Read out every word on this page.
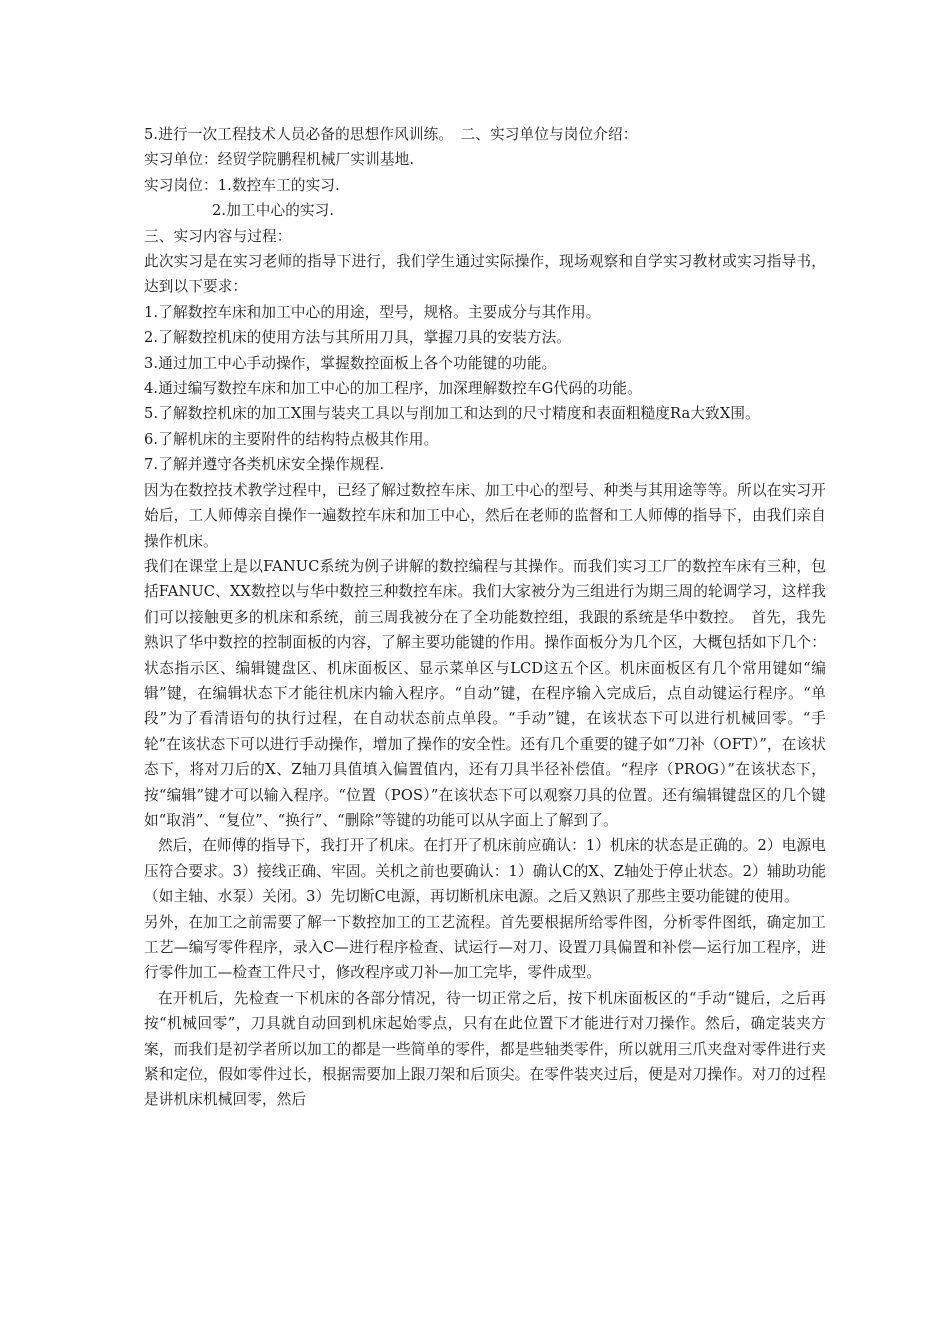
5.进行一次工程技术人员必备的思想作风训练。　二、实习单位与岗位介绍：

实习单位：经贸学院鹏程机械厂实训基地.

实习岗位：1.数控车工的实习.

2.加工中心的实习.

三、实习内容与过程：

此次实习是在实习老师的指导下进行，我们学生通过实际操作，现场观察和自学实习教材或实习指导书，达到以下要求：

1.了解数控车床和加工中心的用途，型号，规格。主要成分与其作用。

2.了解数控机床的使用方法与其所用刀具，掌握刀具的安装方法。

3.通过加工中心手动操作，掌握数控面板上各个功能键的功能。

4.通过编写数控车床和加工中心的加工程序，加深理解数控车G代码的功能。

5.了解数控机床的加工X围与装夹工具以与削加工和达到的尺寸精度和表面粗糙度Ra大致X围。

6.了解机床的主要附件的结构特点极其作用。

7.了解并遵守各类机床安全操作规程.

因为在数控技术教学过程中，已经了解过数控车床、加工中心的型号、种类与其用途等等。所以在实习开始后，工人师傅亲自操作一遍数控车床和加工中心，然后在老师的监督和工人师傅的指导下，由我们亲自操作机床。

我们在课堂上是以FANUC系统为例子讲解的数控编程与其操作。而我们实习工厂的数控车床有三种，包括FANUC、XX数控以与华中数控三种数控车床。我们大家被分为三组进行为期三周的轮调学习，这样我们可以接触更多的机床和系统，前三周我被分在了全功能数控组，我跟的系统是华中数控。　首先，我先熟识了华中数控的控制面板的内容，了解主要功能键的作用。操作面板分为几个区，大概包括如下几个：状态指示区、编辑键盘区、机床面板区、显示菜单区与LCD这五个区。机床面板区有几个常用键如“编辑”键，在编辑状态下才能往机床内输入程序。“自动”键，在程序输入完成后，点自动键运行程序。“单段”为了看清语句的执行过程，在自动状态前点单段。“手动”键，在该状态下可以进行机械回零。“手轮”在该状态下可以进行手动操作，增加了操作的安全性。还有几个重要的键子如“刀补（OFT）”，在该状态下，将对刀后的X、Z轴刀具值填入偏置值内，还有刀具半径补偿值。“程序（PROG）”在该状态下，按“编辑”键才可以输入程序。“位置（POS）”在该状态下可以观察刀具的位置。还有编辑键盘区的几个键如“取消”、“复位”、“换行”、“删除”等键的功能可以从字面上了解到了。

然后，在师傅的指导下，我打开了机床。在打开了机床前应确认：1）机床的状态是正确的。2）电源电压符合要求。3）接线正确、牢固。关机之前也要确认：1）确认C的X、Z轴处于停止状态。2）辅助功能（如主轴、水泵）关闭。3）先切断C电源，再切断机床电源。之后又熟识了那些主要功能键的使用。

另外，在加工之前需要了解一下数控加工的工艺流程。首先要根据所给零件图，分析零件图纸，确定加工工艺—编写零件程序，录入C—进行程序检查、试运行—对刀、设置刀具偏置和补偿—运行加工程序，进行零件加工—检查工件尺寸，修改程序或刀补—加工完毕，零件成型。

在开机后，先检查一下机床的各部分情况，待一切正常之后，按下机床面板区的“手动“键后，之后再按“机械回零”，刀具就自动回到机床起始零点，只有在此位置下才能进行对刀操作。然后，确定装夹方案，而我们是初学者所以加工的都是一些简单的零件，都是些轴类零件，所以就用三爪夹盘对零件进行夹紧和定位，假如零件过长，根据需要加上跟刀架和后顶尖。在零件装夹过后，便是对刀操作。对刀的过程是讲机床机械回零，然后
